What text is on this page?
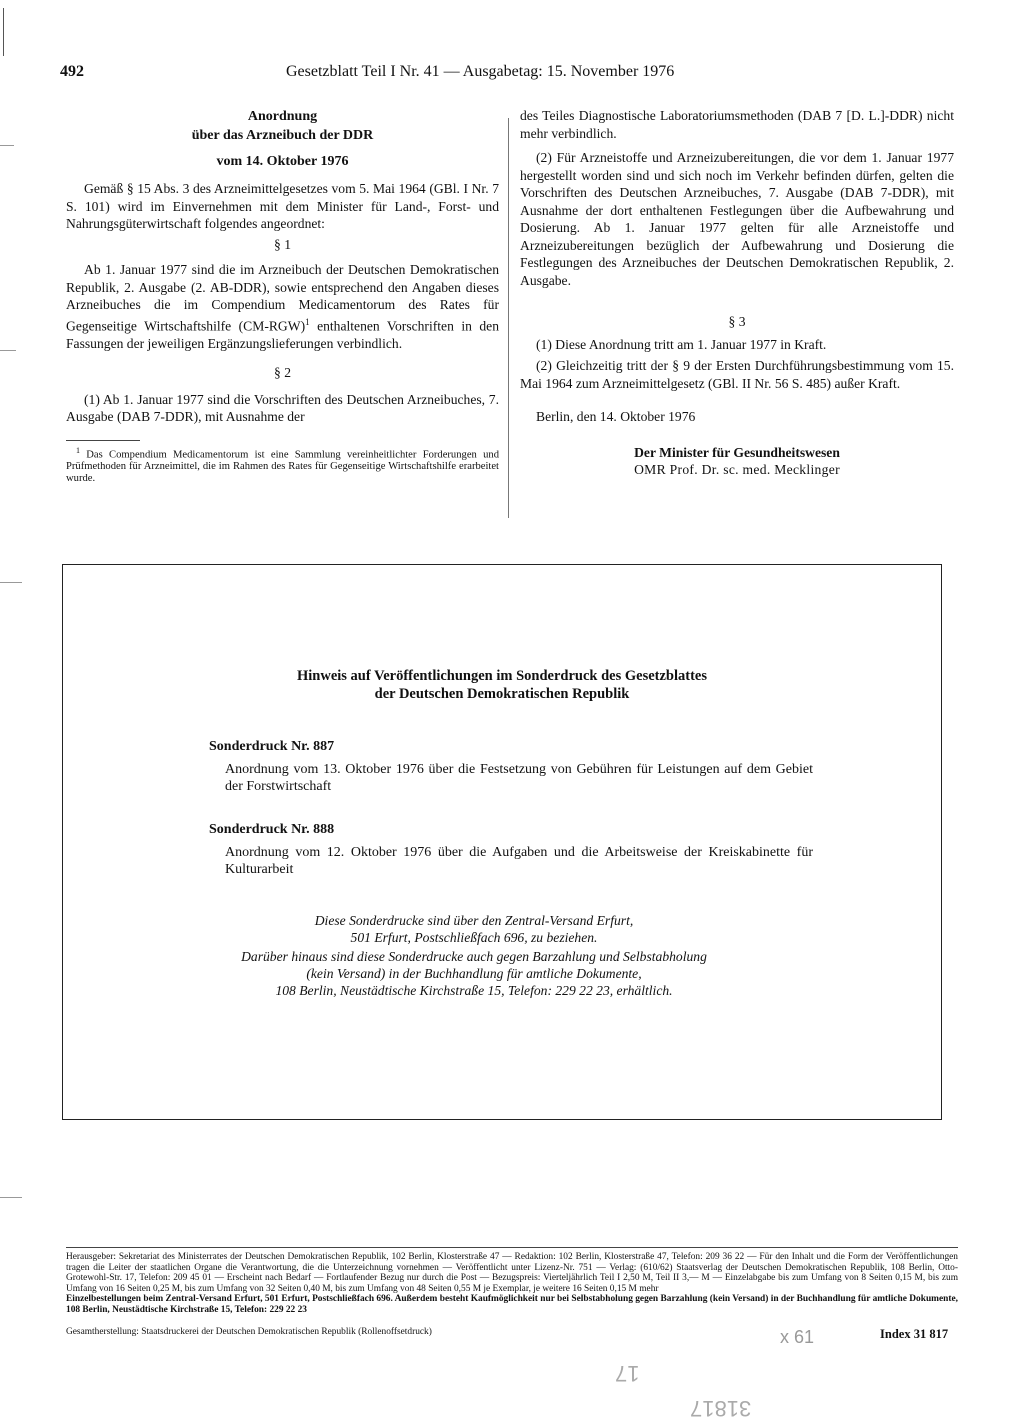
492	Gesetzblatt Teil I Nr. 41 — Ausgabetag: 15. November 1976

Anordnung

über das Arzneibuch der DDR

vom 14. Oktober 1976

Gemäß § 15 Abs. 3 des Arzneimittelgesetzes vom 5. Mai 1964 (GBl. I Nr. 7 S. 101) wird im Einvernehmen mit dem Minister für Land-, Forst- und Nahrungsgüterwirtschaft folgendes angeordnet:

§ 1

Ab 1. Januar 1977 sind die im Arzneibuch der Deutschen Demokratischen Republik, 2. Ausgabe (2. AB-DDR), sowie entsprechend den Angaben dieses Arzneibuches die im Compendium Medicamentorum des Rates für Gegenseitige Wirtschaftshilfe $(CM-RGW)^1$ enthaltenen Vorschriften in den Fassungen der jeweiligen Ergänzungslieferungen verbindlich.

§ 2

(1) Ab 1. Januar 1977 sind die Vorschriften des Deutschen Arzneibuches, 7. Ausgabe (DAB 7-DDR), mit Ausnahme der

$^1$ Das Compendium Medicamentorum ist eine Sammlung vereinheitlichter Forderungen und Prüfmethoden für Arzneimittel, die im Rahmen des Rates für Gegenseitige Wirtschaftshilfe erarbeitet wurde.

des Teiles Diagnostische Laboratoriumsmethoden (DAB 7 [D. L.]-DDR) nicht mehr verbindlich.

(2) Für Arzneistoffe und Arzneizubereitungen, die vor dem 1. Januar 1977 hergestellt worden sind und sich noch im Verkehr befinden dürfen, gelten die Vorschriften des Deutschen Arzneibuches, 7. Ausgabe (DAB 7-DDR), mit Ausnahme der dort enthaltenen Festlegungen über die Aufbewahrung und Dosierung. Ab 1. Januar 1977 gelten für alle Arzneistoffe und Arzneizubereitungen bezüglich der Aufbewahrung und Dosierung die Festlegungen des Arzneibuches der Deutschen Demokratischen Republik, 2. Ausgabe.

§ 3

(1) Diese Anordnung tritt am 1. Januar 1977 in Kraft.

(2) Gleichzeitig tritt der § 9 der Ersten Durchführungsbestimmung vom 15. Mai 1964 zum Arzneimittelgesetz (GBl. II Nr. 56 S. 485) außer Kraft.

Berlin, den 14. Oktober 1976

Der Minister für Gesundheitswesen

OMR Prof. Dr. sc. med. Mecklinger

Hinweis auf Veröffentlichungen im Sonderdruck des Gesetzblattes
der Deutschen Demokratischen Republik
Sonderdruck Nr. 887
Anordnung vom 13. Oktober 1976 über die Festsetzung von Gebühren für Leistungen auf dem Gebiet der Forstwirtschaft
Sonderdruck Nr. 888
Anordnung vom 12. Oktober 1976 über die Aufgaben und die Arbeitsweise der Kreiskabinette für Kulturarbeit
Diese Sonderdrucke sind über den Zentral-Versand Erfurt,
501 Erfurt, Postschließfach 696, zu beziehen.
Darüber hinaus sind diese Sonderdrucke auch gegen Barzahlung und Selbstabholung
(kein Versand) in der Buchhandlung für amtliche Dokumente,
108 Berlin, Neustädtische Kirchstraße 15, Telefon: 229 22 23, erhältlich.

Herausgeber: Sekretariat des Ministerrates der Deutschen Demokratischen Republik, 102 Berlin, Klosterstraße 47 — Redaktion: 102 Berlin, Klosterstraße 47, Telefon: 209 36 22 — Für den Inhalt und die Form der Veröffentlichungen tragen die Leiter der staatlichen Organe die Verantwortung, die die Unterzeichnung vornehmen — Veröffentlicht unter Lizenz-Nr. 751 — Verlag: (610/62) Staatsverlag der Deutschen Demokratischen Republik, 108 Berlin, Otto-Grotewohl-Str. 17, Telefon: 209 45 01 — Erscheint nach Bedarf — Fortlaufender Bezug nur durch die Post — Bezugspreis: Vierteljährlich Teil I 2,50 M, Teil II 3,— M — Einzelabgabe bis zum Umfang von 8 Seiten 0,15 M, bis zum Umfang von 16 Seiten 0,25 M, bis zum Umfang von 32 Seiten 0,40 M, bis zum Umfang von 48 Seiten 0,55 M je Exemplar, je weitere 16 Seiten 0,15 M mehr

Einzelbestellungen beim Zentral-Versand Erfurt, 501 Erfurt, Postschließfach 696. Außerdem besteht Kaufmöglichkeit nur bei Selbstabholung gegen Barzahlung (kein Versand) in der Buchhandlung für amtliche Dokumente, 108 Berlin, Neustädtische Kirchstraße 15, Telefon: 229 22 23

Gesamtherstellung: Staatsdruckerei der Deutschen Demokratischen Republik (Rollenoffsetdruck)	Index 31 817
x 61
17
31817
